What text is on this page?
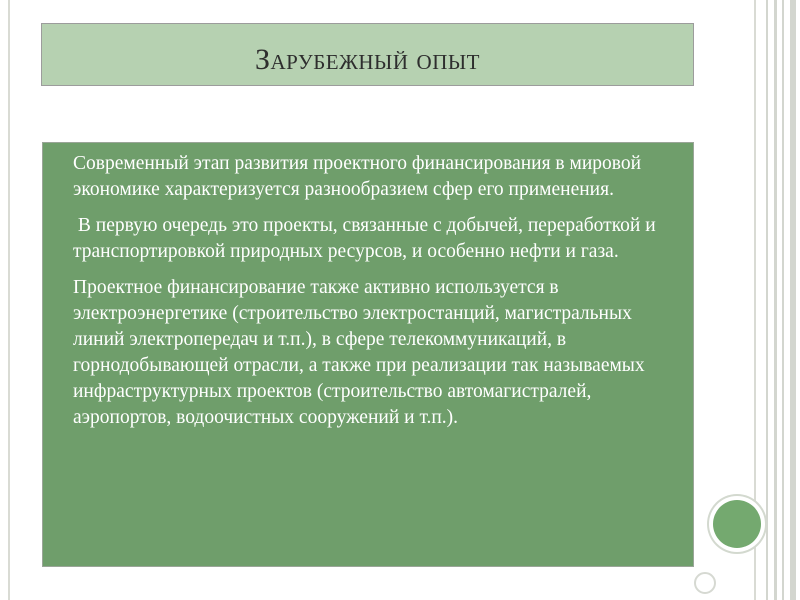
Зарубежный опыт

Современный этап развития проектного финансирования в мировой экономике характеризуется разнообразием сфер его применения.

В первую очередь это проекты, связанные с добычей, переработкой и транспортировкой природных ресурсов, и особенно нефти и газа.

Проектное финансирование также активно используется в электроэнергетике (строительство электростанций, магистральных линий электропередач и т.п.), в сфере телекоммуникаций, в горнодобывающей отрасли, а также при реализации так называемых инфраструктурных проектов (строительство автомагистралей, аэропортов, водоочистных сооружений и т.п.).
